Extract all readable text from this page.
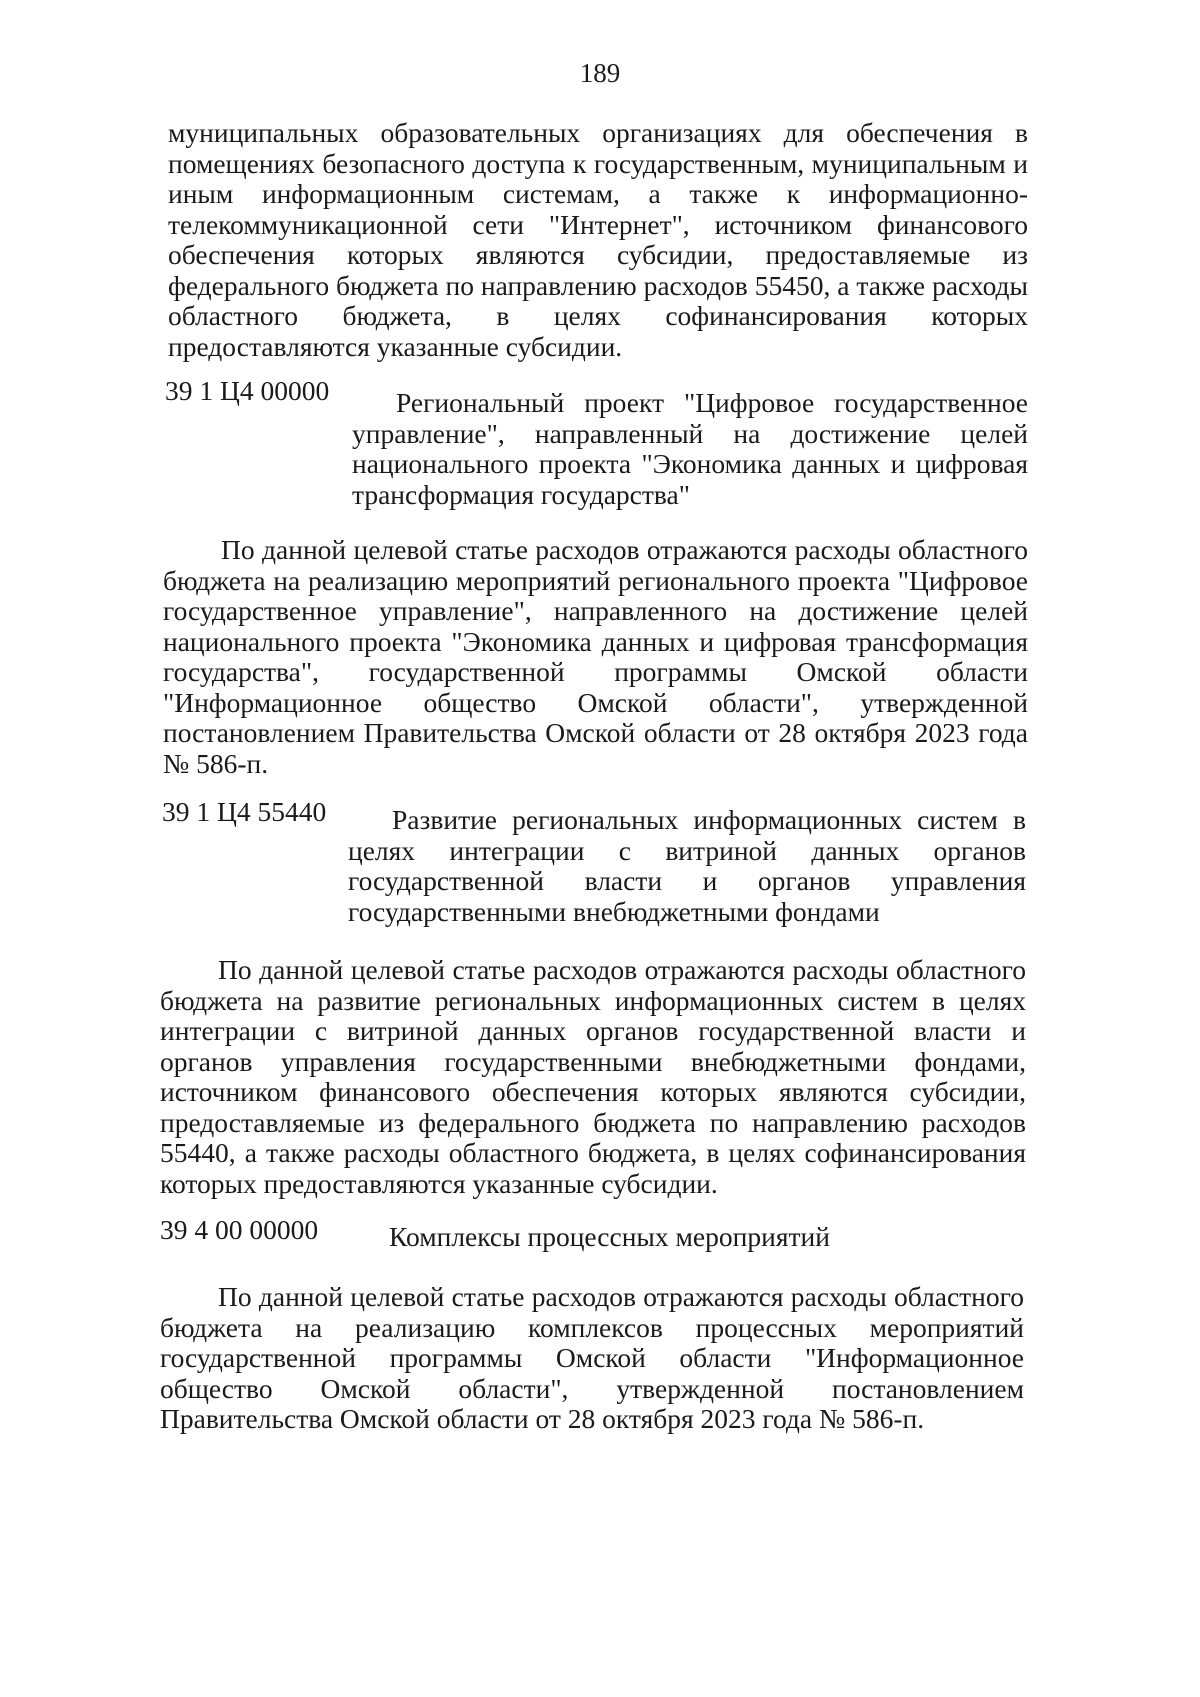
189
муниципальных образовательных организациях для обеспечения в помещениях безопасного доступа к государственным, муниципальным и иным информационным системам, а также к информационно-телекоммуникационной сети "Интернет", источником финансового обеспечения которых являются субсидии, предоставляемые из федерального бюджета по направлению расходов 55450, а также расходы областного бюджета, в целях софинансирования которых предоставляются указанные субсидии.
39 1 Ц4 00000	Региональный проект "Цифровое государственное управление", направленный на достижение целей национального проекта "Экономика данных и цифровая трансформация государства"
По данной целевой статье расходов отражаются расходы областного бюджета на реализацию мероприятий регионального проекта "Цифровое государственное управление", направленного на достижение целей национального проекта "Экономика данных и цифровая трансформация государства", государственной программы Омской области "Информационное общество Омской области", утвержденной постановлением Правительства Омской области от 28 октября 2023 года № 586-п.
39 1 Ц4 55440	Развитие региональных информационных систем в целях интеграции с витриной данных органов государственной власти и органов управления государственными внебюджетными фондами
По данной целевой статье расходов отражаются расходы областного бюджета на развитие региональных информационных систем в целях интеграции с витриной данных органов государственной власти и органов управления государственными внебюджетными фондами, источником финансового обеспечения которых являются субсидии, предоставляемые из федерального бюджета по направлению расходов 55440, а также расходы областного бюджета, в целях софинансирования которых предоставляются указанные субсидии.
39 4 00 00000	Комплексы процессных мероприятий
По данной целевой статье расходов отражаются расходы областного бюджета на реализацию комплексов процессных мероприятий государственной программы Омской области "Информационное общество Омской области", утвержденной постановлением Правительства Омской области от 28 октября 2023 года № 586-п.
